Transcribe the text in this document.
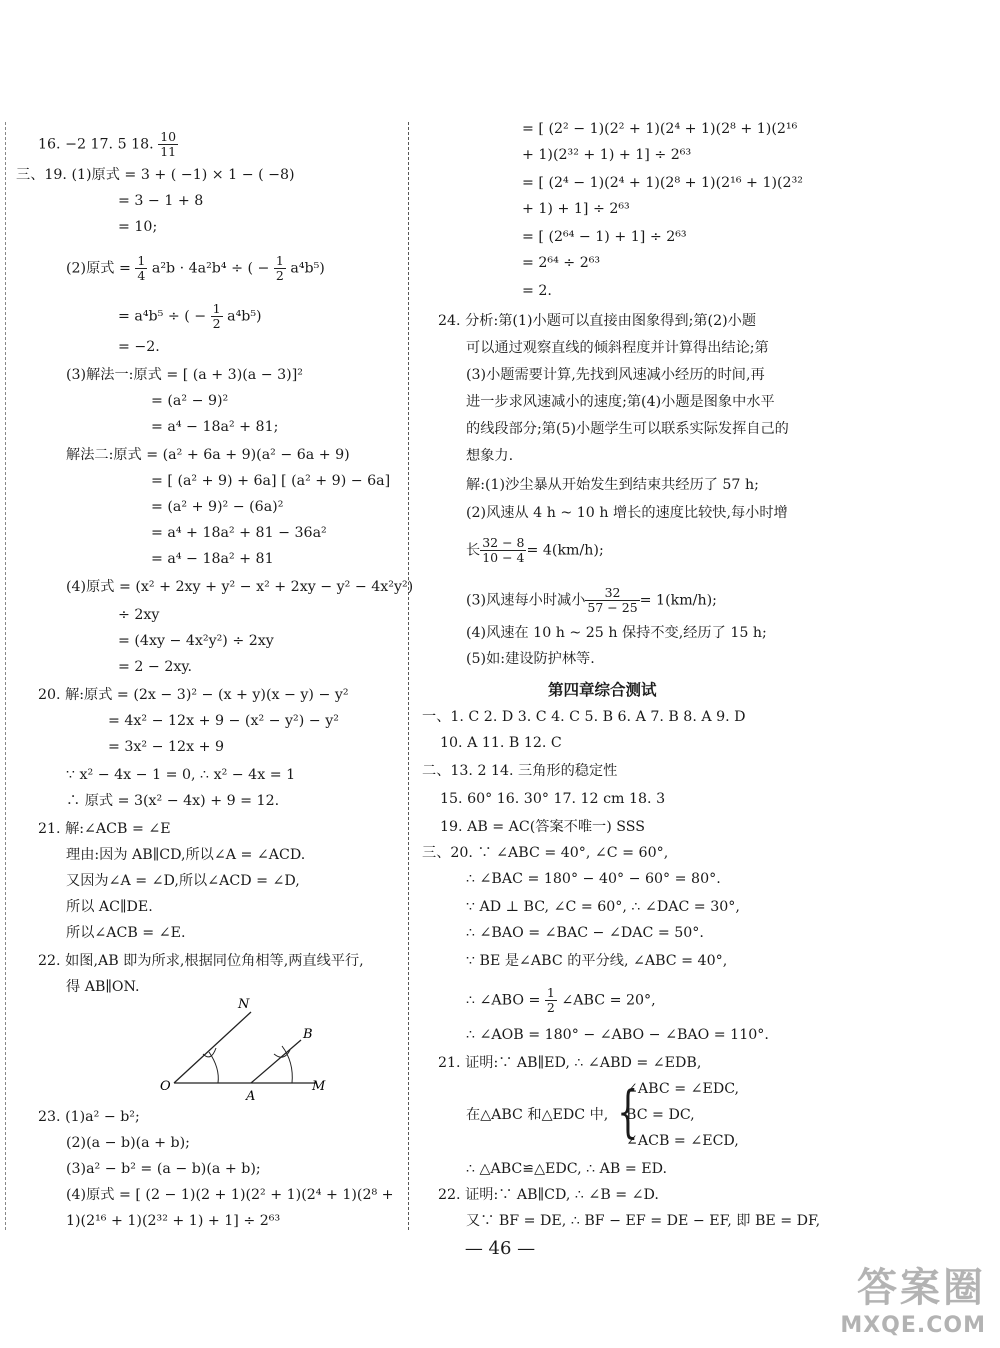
16. −2 17. 5 18. $\frac{10}{11}$
三、19. (1)原式 = 3 + ( −1) × 1 − ( −8)
= 3 − 1 + 8
= 10;
(2)原式 = $\frac{1}{4} a^2b \cdot 4a^2b^4$ ÷ ( − $\frac{1}{2} a^4b^5$)
= a⁴b⁵ ÷ ( − $\frac{1}{2} a^4b^5$)
= −2.
(3)解法一:原式 = [ (a + 3)(a − 3)]²
= (a² − 9)²
= a⁴ − 18a² + 81;
解法二:原式 = (a² + 6a + 9)(a² − 6a + 9)
= [ (a² + 9) + 6a] [ (a² + 9) − 6a]
= (a² + 9)² − (6a)²
= a⁴ + 18a² + 81 − 36a²
= a⁴ − 18a² + 81
(4)原式 = (x² + 2xy + y² − x² + 2xy − y² − 4x²y²)
÷ 2xy
= (4xy − 4x²y²) ÷ 2xy
= 2 − 2xy.
20. 解:原式 = (2x − 3)² − (x + y)(x − y) − y²
= 4x² − 12x + 9 − (x² − y²) − y²
= 3x² − 12x + 9
∵ x² − 4x − 1 = 0, ∴ x² − 4x = 1
∴ 原式 = 3(x² − 4x) + 9 = 12.
21. 解:∠ACB = ∠E
理由:因为 AB∥CD,所以∠A = ∠ACD.
又因为∠A = ∠D,所以∠ACD = ∠D,
所以 AC∥DE.
所以∠ACB = ∠E.
22. 如图,AB 即为所求,根据同位角相等,两直线平行,
得 AB∥ON.
N
B
O
A
M
23. (1)a² − b²;
(2)(a − b)(a + b);
(3)a² − b² = (a − b)(a + b);
(4)原式 = [ (2 − 1)(2 + 1)(2² + 1)(2⁴ + 1)(2⁸ +
1)(2¹⁶ + 1)(2³² + 1) + 1] ÷ 2⁶³
= [ (2² − 1)(2² + 1)(2⁴ + 1)(2⁸ + 1)(2¹⁶
+ 1)(2³² + 1) + 1] ÷ 2⁶³
= [ (2⁴ − 1)(2⁴ + 1)(2⁸ + 1)(2¹⁶ + 1)(2³²
+ 1) + 1] ÷ 2⁶³
= [ (2⁶⁴ − 1) + 1] ÷ 2⁶³
= 2⁶⁴ ÷ 2⁶³
= 2.
24. 分析:第(1)小题可以直接由图象得到;第(2)小题
可以通过观察直线的倾斜程度并计算得出结论;第
(3)小题需要计算,先找到风速减小经历的时间,再
进一步求风速减小的速度;第(4)小题是图象中水平
的线段部分;第(5)小题学生可以联系实际发挥自己的
想象力.
解:(1)沙尘暴从开始发生到结束共经历了 57 h;
(2)风速从 4 h ~ 10 h 增长的速度比较快,每小时增
长 $\frac{32 - 8}{10 - 4} = 4(km/h)$;
(3)风速每小时减小 $\frac{32}{57 - 25} = 1(km/h)$;
(4)风速在 10 h ~ 25 h 保持不变,经历了 15 h;
(5)如:建设防护林等.
第四章综合测试
一、1. C 2. D 3. C 4. C 5. B 6. A 7. B 8. A 9. D
10. A 11. B 12. C
二、13. 2 14. 三角形的稳定性
15. 60° 16. 30° 17. 12 cm 18. 3
19. AB = AC(答案不唯一) SSS
三、20. ∵ ∠ABC = 40°, ∠C = 60°,
∴ ∠BAC = 180° − 40° − 60° = 80°.
∵ AD ⊥ BC, ∠C = 60°, ∴ ∠DAC = 30°,
∴ ∠BAO = ∠BAC − ∠DAC = 50°.
∵ BE 是∠ABC 的平分线, ∠ABC = 40°,
∴ ∠ABO = $\frac{1}{2}$ ∠ABC = 20°,
∴ ∠AOB = 180° − ∠ABO − ∠BAO = 110°.
21. 证明:∵ AB∥ED, ∴ ∠ABD = ∠EDB,
∠ABC = ∠EDC,
在△ABC 和△EDC 中, {
BC = DC,
∠ACB = ∠ECD,
∴ △ABC≌△EDC, ∴ AB = ED.
22. 证明:∵ AB∥CD, ∴ ∠B = ∠D.
又∵ BF = DE, ∴ BF − EF = DE − EF, 即 BE = DF,
— 46 —
答案圈
MXQE.COM
